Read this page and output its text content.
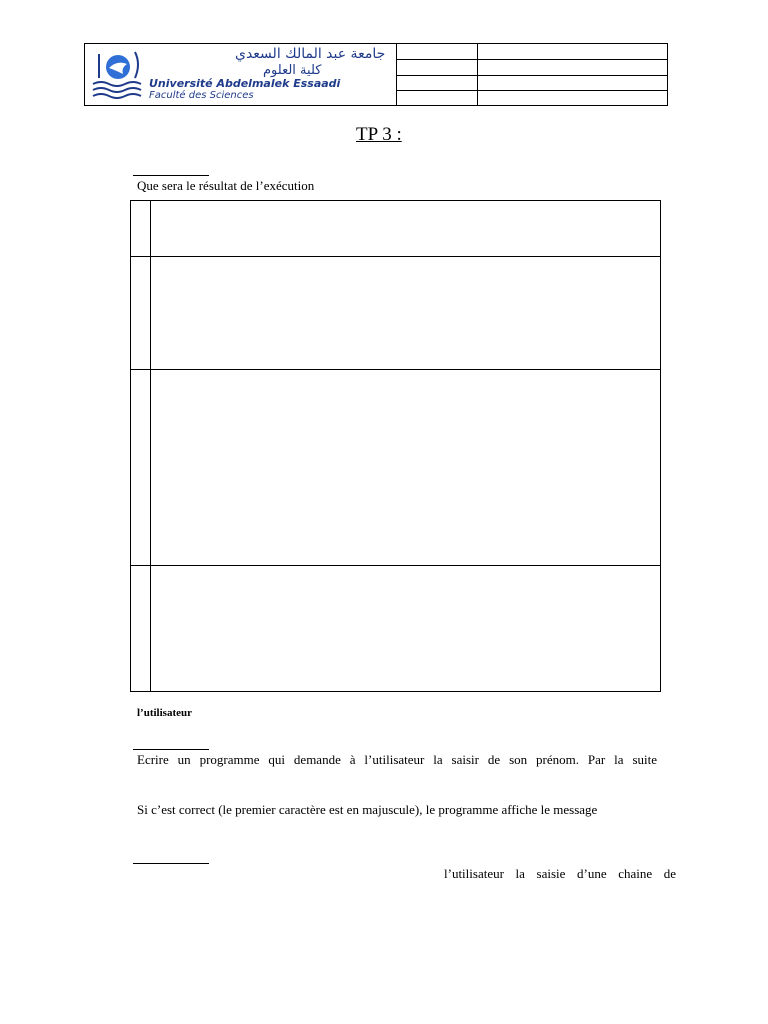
جامعة عبد المالك السعدي
كلية العلوم
Université Abdelmalek Essaadi
Faculté des Sciences
TP 3 :
Que sera le résultat de l’exécution
l’utilisateur
Ecrire un programme qui demande à l’utilisateur la saisir de son prénom. Par la suite
Si c’est correct (le premier caractère est en majuscule), le programme affiche le message
l’utilisateur la saisie d’une chaine de
